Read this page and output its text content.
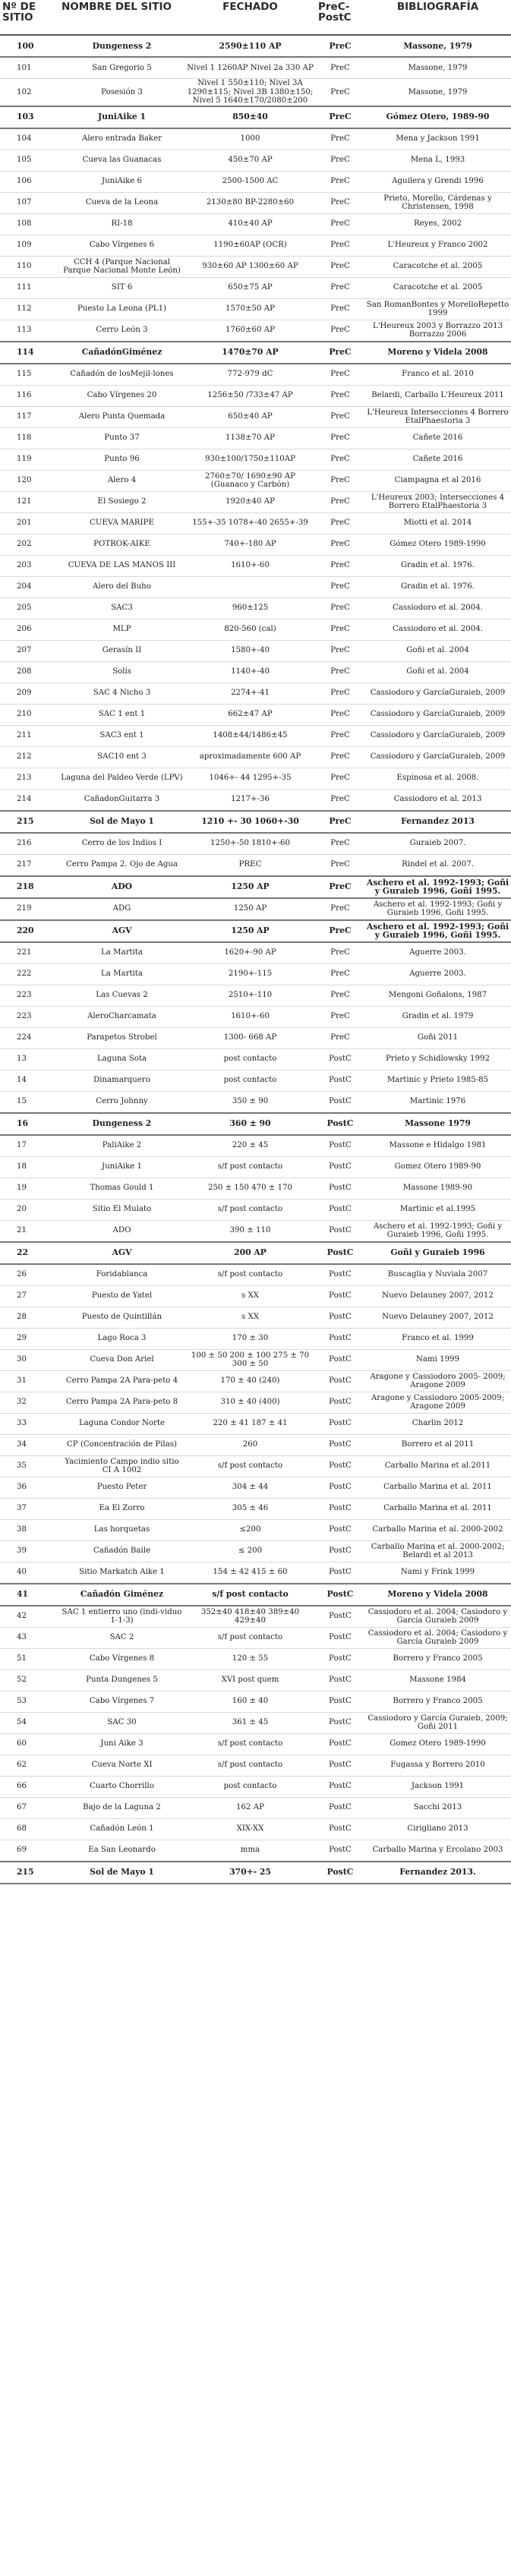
Nº DE SITIO	NOMBRE DEL SITIO	FECHADO	PreC-PostC	BIBLIOGRAFÍA
100	Dungeness 2	2590±110 AP	PreC	Massone, 1979
101	San Gregorio 5	Nivel 1 1260AP Nivel 2a 330 AP	PreC	Massone, 1979
102	Posesión 3	Nivel 1 550±110; Nivel 3A 1290±115; Nivel 3B 1380±150; Nivel 5 1640±170/2080±200	PreC	Massone, 1979
103	JuniAike 1	850±40	PreC	Gómez Otero, 1989-90
104	Alero entrada Baker	1000	PreC	Mena y Jackson 1991
105	Cueva las Guanacas	450±70 AP	PreC	Mena L, 1993
106	JuniAike 6	2500-1500 AC	PreC	Aguilera y Grendi 1996
107	Cueva de la Leona	2130±80 BP-2280±60	PreC	Prieto, Morello, Cárdenas y Christensen, 1998
108	RI-18	410±40 AP	PreC	Reyes, 2002
109	Cabo Vírgenes 6	1190±60AP (OCR)	PreC	L'Heureux y Franco 2002
110	CCH 4 (Parque Nacional Parque Nacional Monte León)	930±60 AP 1300±60 AP	PreC	Caracotche et al. 2005
111	SIT 6	650±75 AP	PreC	Caracotche et al. 2005
112	Puesto La Leona (PL1)	1570±50 AP	PreC	San RomanBontes y MorelloRepetto 1999
113	Cerro León 3	1760±60 AP	PreC	L'Heureux 2003 y Borrazzo 2013 Borrazzo 2006
114	CañadónGiménez	1470±70 AP	PreC	Moreno y Videla 2008
115	Cañadón de losMejil-lones	772-979 dC	PreC	Franco et al. 2010
116	Cabo Vírgenes 20	1256±50 /733±47 AP	PreC	Belardi, Carballo L'Heureux 2011
117	Alero Punta Quemada	650±40 AP	PreC	L'Heureux Intersecciones 4 Borrero EtalPhaestoria 3
118	Punto 37	1138±70 AP	PreC	Cañete 2016
119	Punto 96	930±100/1750±110AP	PreC	Cañete 2016
120	Alero 4	2760±70/ 1690±90 AP (Guanaco y Carbón)	PreC	Ciampagna et al 2016
121	El Sosiego 2	1920±40 AP	PreC	L'Heureux 2003; Intersecciones 4 Borrero EtalPhaestoria 3
201	CUEVA MARIPE	155+-35 1078+-40 2655+-39	PreC	Miotti et al. 2014
202	POTROK-AIKE	740+-180 AP	PreC	Gómez Otero 1989-1990
203	CUEVA DE LAS MANOS III	1610+-60	PreC	Gradin et al. 1976.
204	Alero del Buho		PreC	Gradin et al. 1976.
205	SAC3	960±125	PreC	Cassiodoro et al. 2004.
206	MLP	820-560 (cal)	PreC	Cassiodoro et al. 2004.
207	Gerasín II	1580+-40	PreC	Goñi et al. 2004
208	Solís	1140+-40	PreC	Goñi et al. 2004
209	SAC 4 Nicho 3	2274+-41	PreC	Cassiodoro y GarcíaGuraieb, 2009
210	SAC 1 ent 1	662±47 AP	PreC	Cassiodoro y GarcíaGuraieb, 2009
211	SAC3 ent 1	1408±44/1486±45	PreC	Cassiodoro y GarcíaGuraieb, 2009
212	SAC10 ent 3	aproximadamente 600 AP	PreC	Cassiodoro y GarcíaGuraieb, 2009
213	Laguna del Paldeo Verde (LPV)	1046+- 44 1295+-35	PreC	Espinosa et al. 2008.
214	CañadonGuitarra 3	1217+-36	PreC	Cassiodoro et al. 2013
215	Sol de Mayo 1	1210 +- 30 1060+-30	PreC	Fernandez 2013
216	Cerro de los Indios I	1250+-50 1810+-60	PreC	Guraieb 2007.
217	Cerro Pampa 2. Ojo de Agua	PREC	PreC	Rindel et al. 2007.
218	ADO	1250 AP	PreC	Aschero et al. 1992-1993; Goñi y Guraieb 1996, Goñi 1995.
219	ADG	1250 AP	PreC	Aschero et al. 1992-1993; Goñi y Guraieb 1996, Goñi 1995.
220	AGV	1250 AP	PreC	Aschero et al. 1992-1993; Goñi y Guraieb 1996, Goñi 1995.
221	La Martita	1620+-90 AP	PreC	Aguerre 2003.
222	La Martita	2190+-115	PreC	Aguerre 2003.
223	Las Cuevas 2	2510+-110	PreC	Mengoni Goñalons, 1987
223	AleroCharcamata	1610+-60	PreC	Gradin et al. 1979
224	Parapetos Strobel	1300- 668 AP	PreC	Goñi 2011
13	Laguna Sota	post contacto	PostC	Prieto y Schidlowsky 1992
14	Dinamarquero	post contacto	PostC	Martinic y Prieto 1985-85
15	Cerro Johnny	350 ± 90	PostC	Martinic 1976
16	Dungeness 2	360 ± 90	PostC	Massone 1979
17	PaliAike 2	220 ± 45	PostC	Massone e Hidalgo 1981
18	JuniAike 1	s/f post contacto	PostC	Gomez Otero 1989-90
19	Thomas Gould 1	250 ± 150 470 ± 170	PostC	Massone 1989-90
20	Sitio El Mulato	s/f post contacto	PostC	Martinic et al.1995
21	ADO	390 ± 110	PostC	Aschero et al. 1992-1993; Goñi y Guraieb 1996, Goñi 1995.
22	AGV	200 AP	PostC	Goñi y Guraieb 1996
26	Foridablanca	s/f post contacto	PostC	Buscaglia y Nuviala 2007
27	Puesto de Yatel	s XX	PostC	Nuevo Delauney 2007, 2012
28	Puesto de Quintillán	s XX	PostC	Nuevo Delauney 2007, 2012
29	Lago Roca 3	170 ± 30	PostC	Franco et al. 1999
30	Cueva Don Ariel	100 ± 50 200 ± 100 275 ± 70 300 ± 50	PostC	Nami 1999
31	Cerro Pampa 2A Para-peto 4	170 ± 40 (240)	PostC	Aragone y Cassiodoro 2005- 2009; Aragone 2009
32	Cerro Pampa 2A Para-peto 8	310 ± 40 (400)	PostC	Aragone y Cassiodoro 2005-2009; Aragone 2009
33	Laguna Condor Norte	220 ± 41 187 ± 41	PostC	Charlin 2012
34	CP (Concentración de Pilas)	260	PostC	Borrero et al 2011
35	Yacimiento Campo indio sitio CI A 1002	s/f post contacto	PostC	Carballo Marina et al.2011
36	Puesto Peter	304 ± 44	PostC	Carballo Marina et al. 2011
37	Ea El Zorro	305 ± 46	PostC	Carballo Marina et al. 2011
38	Las horquetas	≤200	PostC	Carballo Marina et al. 2000-2002
39	Cañadón Baile	≤ 200	PostC	Carballo Marina et al. 2000-2002; Belardi et al 2013
40	Sitio Markatch Aike 1	154 ± 42 415 ± 60	PostC	Nami y Frink 1999
41	Cañadón Giménez	s/f post contacto	PostC	Moreno y Videla 2008
42	SAC 1 entierro uno (indi-viduo 1-1-3)	352±40 418±40 389±40 429±40	PostC	Cassiodoro et al. 2004; Casiodoro y García Guraieb 2009
43	SAC 2	s/f post contacto	PostC	Cassiodoro et al. 2004; Casiodoro y García Guraieb 2009
51	Cabo Vírgenes 8	120 ± 55	PostC	Borrero y Franco 2005
52	Punta Dungenes 5	XVI post quem	PostC	Massone 1984
53	Cabo Vírgenes 7	160 ± 40	PostC	Borrero y Franco 2005
54	SAC 30	361 ± 45	PostC	Cassiodoro y García Guraieb, 2009; Goñi 2011
60	Juni Aike 3	s/f post contacto	PostC	Gomez Otero 1989-1990
62	Cueva Norte XI	s/f post contacto	PostC	Fugassa y Borrero 2010
66	Cuarto Chorrillo	post contacto	PostC	Jackson 1991
67	Bajo de la Laguna 2	162 AP	PostC	Sacchi 2013
68	Cañadón León 1	XIX-XX	PostC	Cirigliano 2013
69	Ea San Leonardo	mma	PostC	Carballo Marina y Ercolano 2003
215	Sol de Mayo 1	370+- 25	PostC	Fernandez 2013.
